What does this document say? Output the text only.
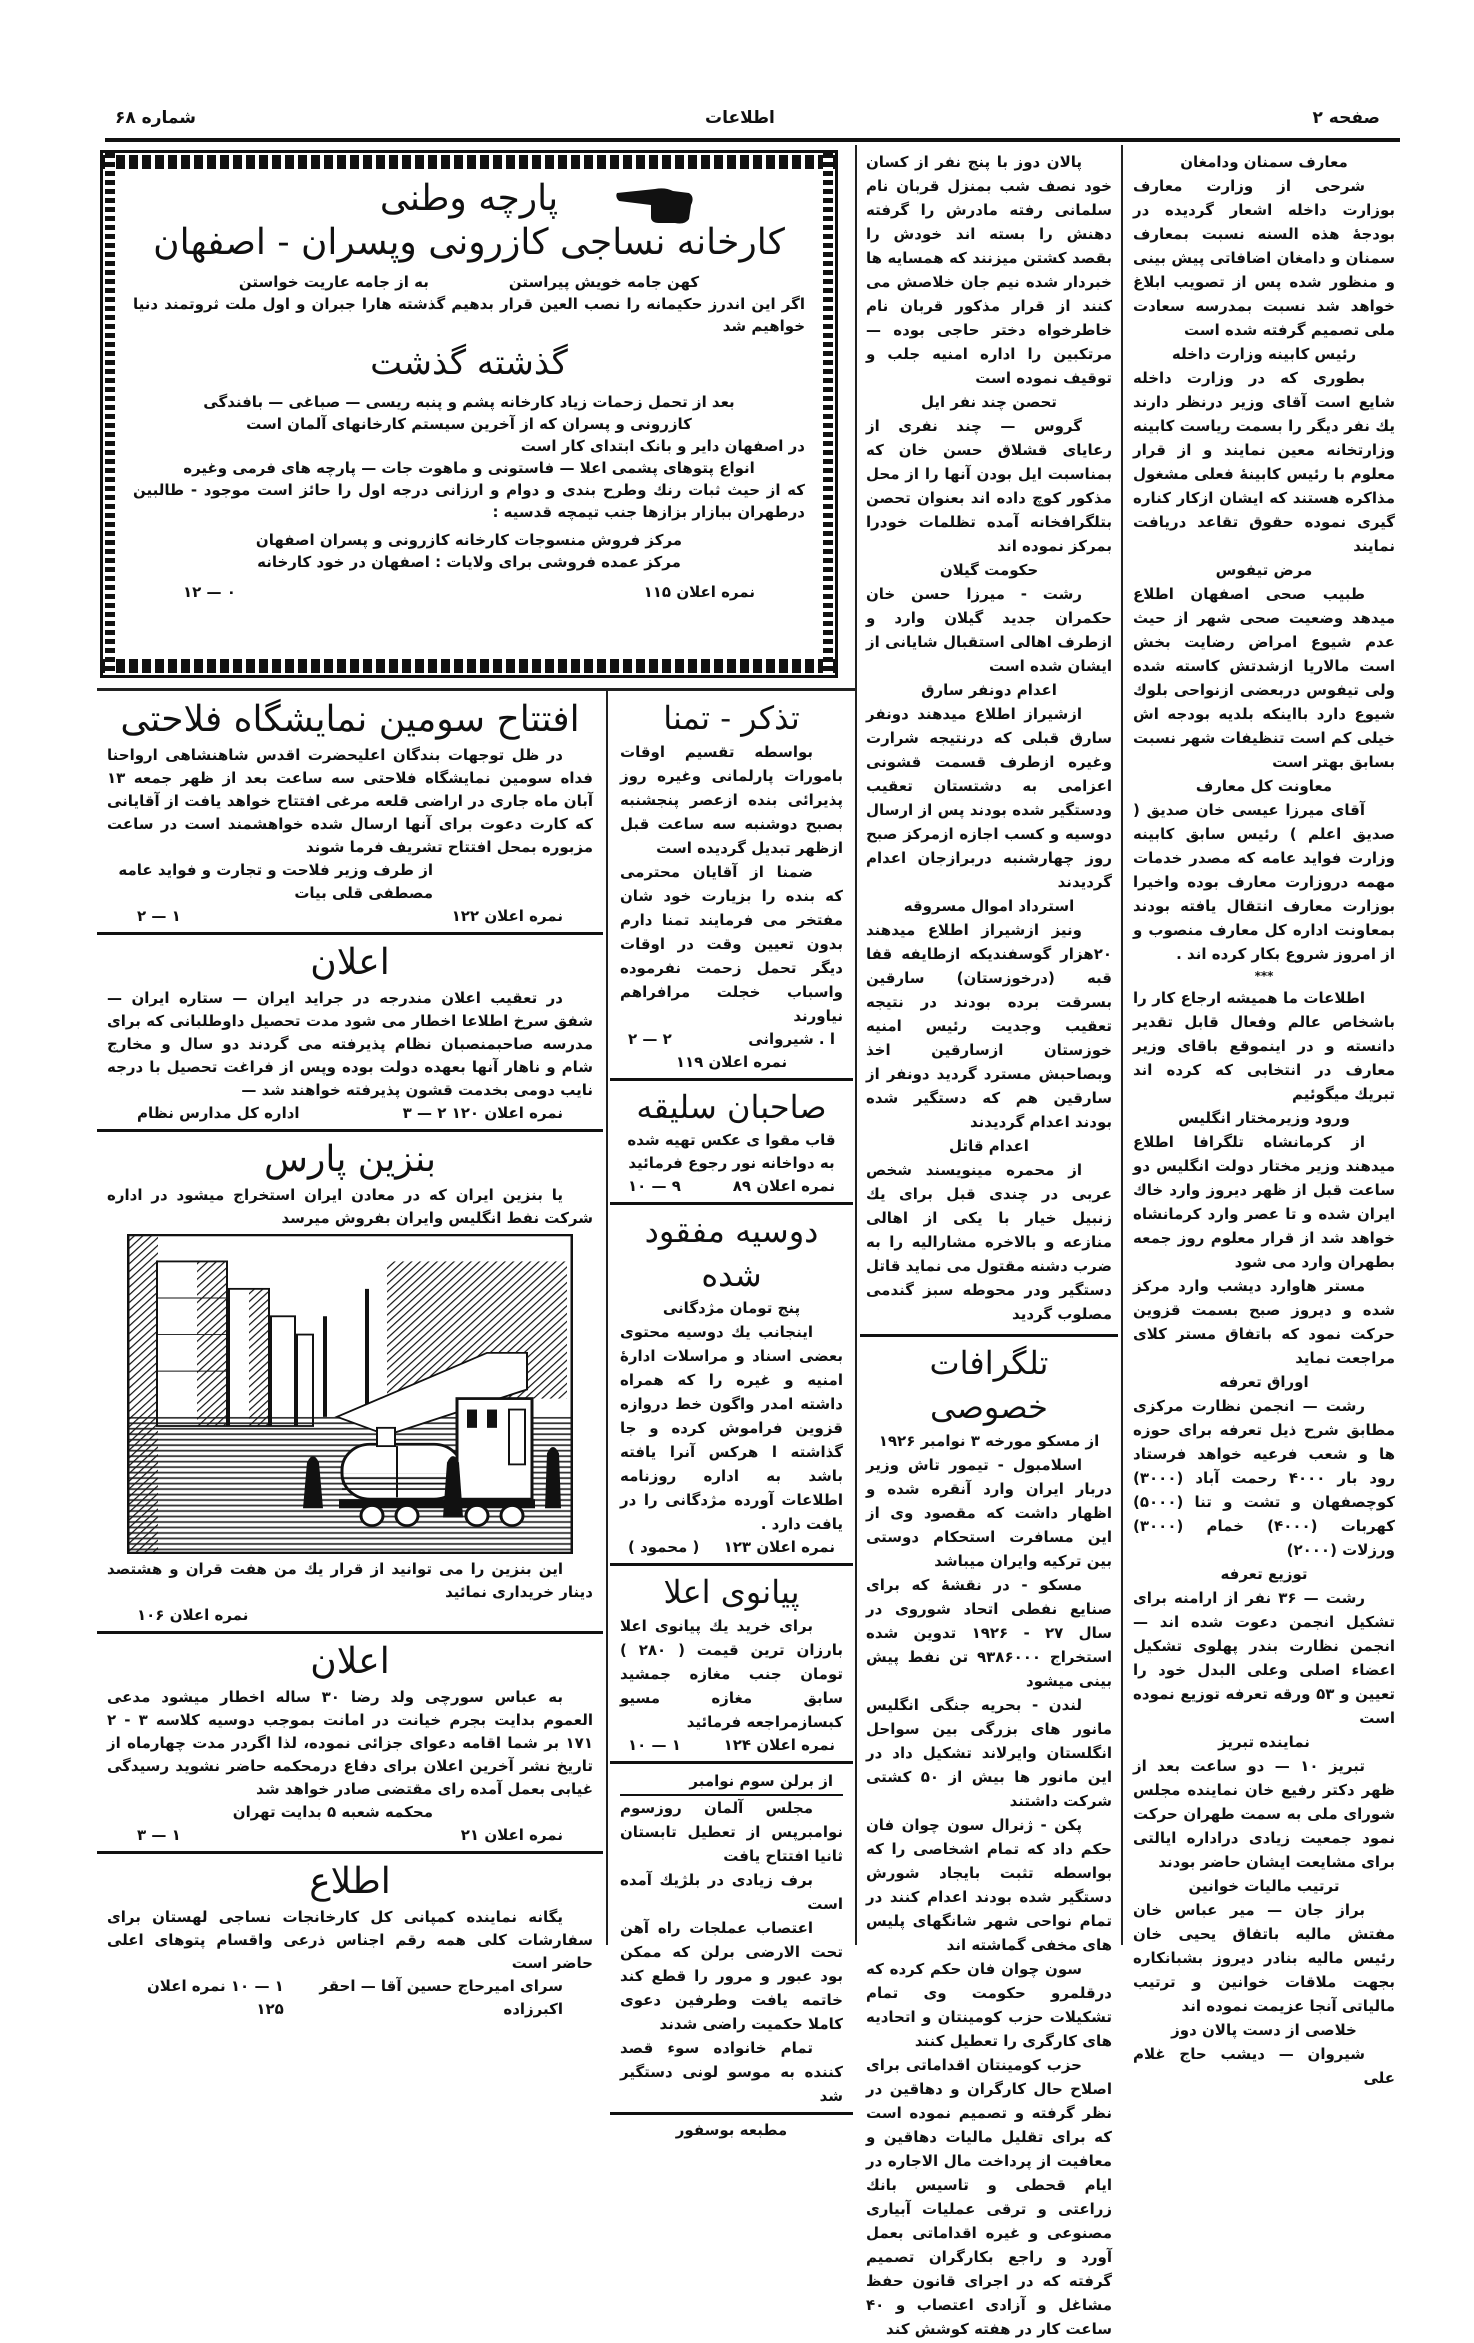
شماره ۶۸	اطلاعات	صفحه ۲
پارچه وطنی
کارخانه نساجی کازرونی وپسران - اصفهان
کهن جامه خویش پیراستن
به از جامه عاریت خواستن
اگر این اندرز حکیمانه را نصب العین قرار بدهیم گذشته هارا جبران و اول ملت ثروتمند دنیا خواهیم شد
گذشته گذشت
بعد از تحمل زحمات زیاد کارخانه پشم و پنبه ریسی — صباغی — بافندگی
کازرونی و پسران که از آخرین سیستم کارخانهای آلمان است
در اصفهان دایر و بانک ابتدای کار است
انواع پتوهای پشمی اعلا — فاستونی و ماهوت جات — پارچه های فرمی وغیره
که از حیث ثبات رنك وطرح بندی و دوام و ارزانی درجه اول را حائز است موجود - طالبین درطهران ببازار بزازها جنب تیمچه قدسیه :
مرکز فروش منسوجات کارخانه کازرونی و پسران اصفهان
مرکز عمده فروشی برای ولایات : اصفهان در خود کارخانه
نمره اعلان ۱۱۵
۰ — ۱۲
افتتاح سومین نمایشگاه فلاحتی

در ظل توجهات بندگان اعلیحضرت اقدس شاهنشاهی ارواحنا فداه سومین نمایشگاه فلاحتی سه ساعت بعد از ظهر جمعه ۱۳ آبان ماه جاری در اراضی قلعه مرغی افتتاح خواهد یافت از آقایانی که کارت دعوت برای آنها ارسال شده خواهشمند است در ساعت مزبوره بمحل افتتاح تشریف فرما شوند

از طرف وزیر فلاحت و تجارت و فواید عامه
مصطفی قلی بیات
نمره اعلان ۱۲۲
۱ — ۲
اعلان

در تعقیب اعلان مندرجه در جراید ایران — ستاره ایران — شفق سرخ اطلاعا اخطار می شود مدت تحصیل داوطلبانی که برای مدرسه صاحبمنصبان نظام پذیرفته می گردند دو سال و مخارج شام و ناهار آنها بعهده دولت بوده وپس از فراغت تحصیل با درجه نایب دومی بخدمت قشون پذیرفته خواهند شد —

نمره اعلان ۱۲۰ ۲ — ۳
اداره کل مدارس نظام
بنزین پارس

یا بنزین ایران که در معادن ایران استخراج میشود در اداره شرکت نفط انگلیس وایران بفروش میرسد

این بنزین را می توانید از قرار یك من هفت قران و هشتصد دینار خریداری نمائید

نمره اعلان ۱۰۶
اعلان

به عباس سورچی ولد رضا ۳۰ ساله اخطار میشود مدعی العموم بدایت بجرم خیانت در امانت بموجب دوسیه کلاسه ۳ - ۲ ۱۷۱ بر شما اقامه دعوای جزائی نموده، لذا اگردر مدت چهارماه از تاریخ نشر آخرین اعلان برای دفاع درمحکمه حاضر نشوید رسیدگی غیابی بعمل آمده رای مقتضی صادر خواهد شد

محکمه شعبه ۵ بدایت تهران
نمره اعلان ۲۱
۱ — ۳
اطلاع

یگانه نماینده کمپانی کل کارخانجات نساجی لهستان برای سفارشات کلی همه رقم اجناس ذرعی واقسام پتوهای اعلی حاضر است

سرای امیرحاج حسین آقا — احقر اکبرزاده
۱ — ۱۰ نمره اعلان ۱۲۵
تذکر - تمنا

بواسطه تقسیم اوقات بامورات پارلمانی وغیره روز پذیرائی بنده ازعصر پنجشنبه بصبح دوشنبه سه ساعت قبل ازظهر تبدیل گردیده است

ضمنا از آقایان محترمی که بنده را بزیارت خود شان مفتخر می فرمایند تمنا دارم بدون تعیین وقت در اوقات دیگر تحمل زحمت نفرموده واسباب خجلت مرافراهم نیاورند

ا . شیروانی
۲ — ۲
نمره اعلان ۱۱۹
صاحبان سلیقه
قاب مقوا ی عکس تهیه شده
به دواخانه نور رجوع فرمائید
نمره اعلان ۸۹
۹ — ۱۰
دوسیه مفقود شده
پنج تومان مژدگانی

اینجانب یك دوسیه محتوی بعضی اسناد و مراسلات ادارهٔ امنیه و غیره را که همراه داشته امدر واگون خط دروازه قزوین فراموش کرده و جا گذاشته ا هرکس آنرا یافته باشد به اداره روزنامه اطلاعات آورده مژدگانی را در یافت دارد .

نمره اعلان ۱۲۳
( محمود )
پیانوی اعلا

برای خرید یك پیانوی اعلا بارزان ترین قیمت ( ۲۸۰ ) تومان جنب مغازه جمشید سابق مغازه مسیو کبسازمراجعه فرمائید

نمره اعلان ۱۲۴
۱ — ۱۰
از برلن سوم نوامبر

مجلس آلمان روزسوم نوامبرپس از تعطیل تابستان ثانیا افتتاح یافت

برف زیادی در بلژیك آمده است

اعتصاب عملجات راه آهن تحت الارضی برلن که ممکن بود عبور و مرور را قطع کند خاتمه یافت وطرفین دعوی کاملا حکمیت راضی شدند

تمام خانواده سوء قصد کننده به موسو لونی دستگیر شد

مطبعه بوسفور

پالان دوز با پنج نفر از کسان خود نصف شب بمنزل قربان نام سلمانی رفته مادرش را گرفته دهنش را بسته اند خودش را بقصد کشتن میزنند که همسایه ها خبردار شده نیم جان خلاصش می کنند از قرار مذکور قربان نام خاطرخواه دختر حاجی بوده — مرتکبین را اداره امنیه جلب و توقیف نموده است

تحصن چند نفر ایل

گروس — چند نفری از رعایای قشلاق حسن خان که بمناسبت ایل بودن آنها را از محل مذکور کوچ داده اند بعنوان تحصن بتلگرافخانه آمده تظلمات خودرا بمرکز نموده اند

حکومت گیلان

رشت - میرزا حسن خان حکمران جدید گیلان وارد و ازطرف اهالی استقبال شایانی از ایشان شده است

اعدام دونفر سارق

ازشیراز اطلاع میدهند دونفر سارق قبلی که درنتیجه شرارت وغیره ازطرف قسمت قشونی اعزامی به دشتستان تعقیب ودستگیر شده بودند پس از ارسال دوسیه و کسب اجازه ازمرکز صبح روز چهارشنبه دربرازجان اعدام گردیدند

استرداد اموال مسروقه

ونیز ازشیراز اطلاع میدهند ۲۰هزار گوسفندیکه ازطایفه قفا قبه (درخوزستان) سارقین بسرقت برده بودند در نتیجه تعقیب وجدیت رئیس امنیه خوزستان ازسارقین اخذ وبصاحبش مسترد گردید دونفر از سارقین هم که دستگیر شده بودند اعدام گردیدند

اعدام قاتل

از محمره مینویسند شخص عربی در چندی قبل برای یك زنبیل خیار با یکی از اهالی منازعه و بالاخره مشارالیه را به ضرب دشنه مقتول می نماید قاتل دستگیر ودر محوطه سبز گندمی مصلوب گردید

تلگرافات خصوصی
از مسکو مورخه ۳ نوامبر ۱۹۲۶

اسلامبول - تیمور تاش وزیر دربار ایران وارد آنقره شده و اظهار داشت که مقصود وی از این مسافرت استحکام دوستی بین ترکیه وایران میباشد

مسکو - در نقشهٔ که برای صنایع نفطی اتحاد شوروی در سال ۲۷ - ۱۹۲۶ تدوین شده استخراج ۹۳۸۶۰۰۰ تن نفط پیش بینی میشود

لندن - بحریه جنگی انگلیس مانور های بزرگی بین سواحل انگلستان وایرلاند تشکیل داد در این مانور ها بیش از ۵۰ کشتی شرکت داشتند

پکن - ژنرال سون چوان فان حکم داد که تمام اشخاصی را که بواسطه تثبت بایجاد شورش دستگیر شده بودند اعدام کنند در تمام نواحی شهر شانگهای پلیس های مخفی گماشته اند

سون چوان فان حکم کرده که درقلمرو حکومت وی تمام تشکیلات حزب کومینتان و اتحادیه های کارگری را تعطیل کنند

حزب کومینتان اقداماتی برای اصلاح حال کارگران و دهاقین در نظر گرفته و تصمیم نموده است که برای تقلیل مالیات دهاقین و معافیت از پرداخت مال الاجاره در ایام قحطی و تاسیس بانك زراعتی و ترقی عملیات آبیاری مصنوعی و غیره اقداماتی بعمل آورد و راجع بکارگران تصمیم گرفته که در اجرای قانون حفظ مشاغل و آزادی اعتصاب و ۴۰ ساعت کار در هفته کوشش کند

معارف سمنان ودامغان

شرحی از وزارت معارف بوزارت داخله اشعار گردیده در بودجهٔ هذه السنه نسبت بمعارف سمنان و دامغان اضافاتی پیش بینی و منظور شده پس از تصویب ابلاغ خواهد شد نسبت بمدرسه سعادت ملی تصمیم گرفته شده است

رئیس کابینه وزارت داخله

بطوری که در وزارت داخله شایع است آقای وزیر درنظر دارند یك نفر دیگر را بسمت ریاست کابینه وزارتخانه معین نمایند و از قرار معلوم با رئیس کابینهٔ فعلی مشغول مذاکره هستند که ایشان ازکار کناره گیری نموده حقوق تقاعد دریافت نمایند

مرض تیفوس

طبیب صحی اصفهان اطلاع میدهد وضعیت صحی شهر از حیث عدم شیوع امراض رضایت بخش است مالاریا ازشدتش کاسته شده ولی تیفوس دربعضی ازنواحی بلوك شیوع دارد بااینکه بلدیه بودجه اش خیلی کم است تنظیفات شهر نسبت بسابق بهتر است

معاونت کل معارف

آقای میرزا عیسی خان صدیق ( صدیق اعلم ) رئیس سابق کابینه وزارت فواید عامه که مصدر خدمات مهمه دروزارت معارف بوده واخیرا بوزارت معارف انتقال یافته بودند بمعاونت اداره کل معارف منصوب و از امروز شروع بکار کرده اند .

***

اطلاعات ما همیشه ارجاع کار را باشخاص عالم وفعال قابل تقدیر دانسته و در اینموقع باقای وزیر معارف در انتخابی که کرده اند تبریك میگوئیم

ورود وزیرمختار انگلیس

از کرمانشاه تلگرافا اطلاع میدهند وزیر مختار دولت انگلیس دو ساعت قبل از ظهر دیروز وارد خاك ایران شده و تا عصر وارد کرمانشاه خواهد شد از قرار معلوم روز جمعه بطهران وارد می شود

مستر هاوارد دیشب وارد مرکز شده و دیروز صبح بسمت قزوین حرکت نمود که باتفاق مستر کلای مراجعت نماید

اوراق تعرفه

رشت — انجمن نظارت مرکزی مطابق شرح ذیل تعرفه برای حوزه ها و شعب فرعیه خواهد فرستاد رود بار ۴۰۰۰ رحمت آباد (۳۰۰۰) کوچصفهان و تشت و تنا (۵۰۰۰) کهربات (۴۰۰۰) خمام (۳۰۰۰) ورزلات (۲۰۰۰)

توزیع تعرفه

رشت — ۳۶ نفر از ارامنه برای تشکیل انجمن دعوت شده اند — انجمن نظارت بندر پهلوی تشکیل اعضاء اصلی وعلی البدل خود را تعیین و ۵۳ ورقه تعرفه توزیع نموده است

نماینده تبریز

تبریز ۱۰ — دو ساعت بعد از ظهر دکتر رفیع خان نماینده مجلس شورای ملی به سمت طهران حرکت نمود جمعیت زیادی دراداره ایالتی برای مشایعت ایشان حاضر بودند

ترتیب مالیات خوانین

براز جان — میر عباس خان مفتش مالیه باتفاق یحیی خان رئیس مالیه بنادر دیروز بشبانکاره بجهت ملاقات خوانین و ترتیب مالیاتی آنجا عزیمت نموده اند

خلاصی از دست پالان دوز

شیروان — دیشب حاج غلام علی
